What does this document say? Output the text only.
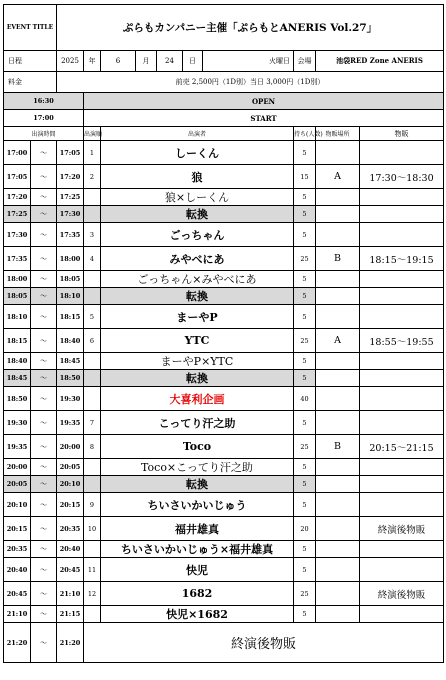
EVENT TITLE		ぷらもカンパニー主催「ぷらもとANERIS Vol.27」									
日程		2025	年	6	月	24	日	火曜日	会場	池袋RED Zone ANERIS	
料金		前売 2,500円（1D別）当日 3,000円（1D別）									
16:30			OPEN								
17:00			START								
出演時間			出演順	出演者					持ち(人数)	物販場所	物販
17:00	〜	17:05	1	しーくん					5		
17:05	〜	17:20	2	狼					15	A	17:30〜18:30
17:20	〜	17:25		狼×しーくん					5		
17:25	〜	17:30		転換					5		
17:30	〜	17:35	3	ごっちゃん					5		
17:35	〜	18:00	4	みやべにあ					25	B	18:15〜19:15
18:00	〜	18:05		ごっちゃん×みやべにあ					5		
18:05	〜	18:10		転換					5		
18:10	〜	18:15	5	まーやP					5		
18:15	〜	18:40	6	YTC					25	A	18:55〜19:55
18:40	〜	18:45		まーやP×YTC					5		
18:45	〜	18:50		転換					5		
18:50	〜	19:30		大喜利企画					40		
19:30	〜	19:35	7	こってり汗之助					5		
19:35	〜	20:00	8	Toco					25	B	20:15〜21:15
20:00	〜	20:05		Toco×こってり汗之助					5		
20:05	〜	20:10		転換					5		
20:10	〜	20:15	9	ちいさいかいじゅう					5		
20:15	〜	20:35	10	福井雄真					20		終演後物販
20:35	〜	20:40		ちいさいかいじゅう×福井雄真					5		
20:40	〜	20:45	11	快児					5		
20:45	〜	21:10	12	1682					25		終演後物販
21:10	〜	21:15		快児×1682					5		
21:20	〜	21:20	終演後物販								
